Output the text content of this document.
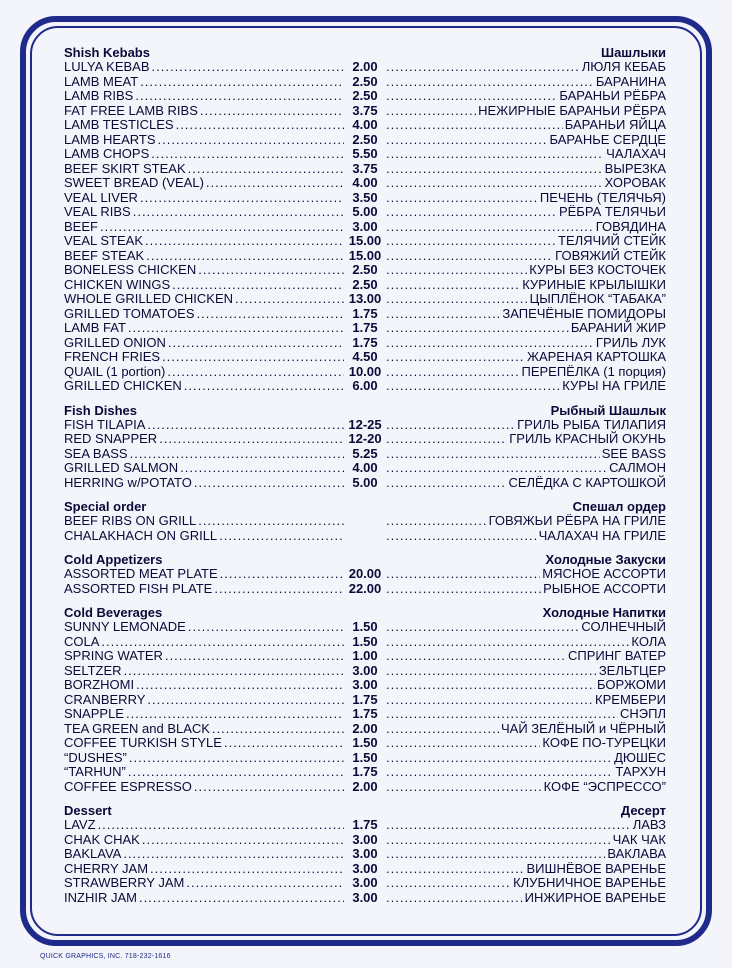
Shish Kebabs	Шашлыки
LULYA KEBAB .....	2.00 .....	ЛЮЛЯ КЕБАБ
LAMB MEAT .....	2.50 .....	БАРАНИНА
LAMB RIBS .....	2.50 .....	БАРАНЬИ РЁБРА
FAT FREE LAMB RIBS .....	3.75 .....	НЕЖИРНЫЕ БАРАНЬИ РЁБРА
LAMB TESTICLES .....	4.00 .....	БАРАНЬИ ЯЙЦА
LAMB HEARTS .....	2.50 .....	БАРАНЬЕ СЕРДЦЕ
LAMB CHOPS .....	5.50 .....	ЧАЛАХАЧ
BEEF SKIRT STEAK .....	3.75 .....	ВЫРЕЗКА
SWEET BREAD (VEAL) .....	4.00 .....	ХОРОВАК
VEAL LIVER .....	3.50 .....	ПЕЧЕНЬ (ТЕЛЯЧЬЯ)
VEAL RIBS .....	5.00 .....	РЁБРА ТЕЛЯЧЬИ
BEEF .....	3.00 .....	ГОВЯДИНА
VEAL STEAK .....	15.00 .....	ТЕЛЯЧИЙ СТЕЙК
BEEF STEAK .....	15.00 .....	ГОВЯЖИЙ СТЕЙК
BONELESS CHICKEN .....	2.50 .....	КУРЫ БЕЗ КОСТОЧЕК
CHICKEN WINGS .....	2.50 .....	КУРИНЫЕ КРЫЛЫШКИ
WHOLE GRILLED CHICKEN .....	13.00 .....	ЦЫПЛЁНОК “ТАБАКА”
GRILLED TOMATOES .....	1.75 .....	ЗАПЕЧЁНЫЕ ПОМИДОРЫ
LAMB FAT .....	1.75 .....	БАРАНИЙ ЖИР
GRILLED ONION .....	1.75 .....	ГРИЛЬ ЛУК
FRENCH FRIES .....	4.50 .....	ЖАРЕНАЯ КАРТОШКА
QUAIL (1 portion) .....	10.00 .....	ПЕРЕПЁЛКА (1 порция)
GRILLED CHICKEN .....	6.00 .....	КУРЫ НА ГРИЛЕ
Fish Dishes	Рыбный Шашлык
FISH TILAPIA .....	12-25 .....	ГРИЛЬ РЫБА ТИЛАПИЯ
RED SNAPPER .....	12-20 .....	ГРИЛЬ КРАСНЫЙ ОКУНЬ
SEA BASS .....	5.25 .....	SEE BASS
GRILLED SALMON .....	4.00 .....	САЛМОН
HERRING w/POTATO .....	5.00 .....	СЕЛЁДКА С КАРТОШКОЙ
Special order	Спешал ордер
BEEF RIBS ON GRILL ..... .....	ГОВЯЖЬИ РЁБРА НА ГРИЛЕ
CHALAKHACH ON GRILL ..... .....	ЧАЛАХАЧ НА ГРИЛЕ
Cold Appetizers	Холодные Закуски
ASSORTED MEAT PLATE .....	20.00 .....	МЯСНОЕ АССОРТИ
ASSORTED FISH PLATE .....	22.00 .....	РЫБНОЕ АССОРТИ
Cold Beverages	Холодные Напитки
SUNNY LEMONADE .....	1.50 .....	СОЛНЕЧНЫЙ
COLA .....	1.50 .....	КОЛА
SPRING WATER .....	1.00 .....	СПРИНГ ВАТЕР
SELTZER .....	3.00 .....	ЗЕЛЬТЦЕР
BORZHOMI .....	3.00 .....	БОРЖОМИ
CRANBERRY .....	1.75 .....	КРЕМБЕРИ
SNAPPLE .....	1.75 .....	СНЭПЛ
TEA GREEN and BLACK .....	2.00 .....	ЧАЙ ЗЕЛЁНЫЙ и ЧЁРНЫЙ
COFFEE TURKISH STYLE .....	1.50 .....	КОФЕ ПО-ТУРЕЦКИ
“DUSHES” .....	1.50 .....	ДЮШЕС
“TARHUN” .....	1.75 .....	ТАРХУН
COFFEE ESPRESSO .....	2.00 .....	КОФЕ “ЭСПРЕССО”
Dessert	Десерт
LAVZ .....	1.75 .....	ЛАВЗ
CHAK CHAK .....	3.00 .....	ЧАК ЧАК
BAKLAVA .....	3.00 .....	ВАКЛАВА
CHERRY JAM .....	3.00 .....	ВИШНЁВОЕ ВАРЕНЬЕ
STRAWBERRY JAM .....	3.00 .....	КЛУБНИЧНОЕ ВАРЕНЬЕ
INZHIR JAM .....	3.00 .....	ИНЖИРНОЕ ВАРЕНЬЕ
QUICK GRAPHICS, INC. 718-232-1616
